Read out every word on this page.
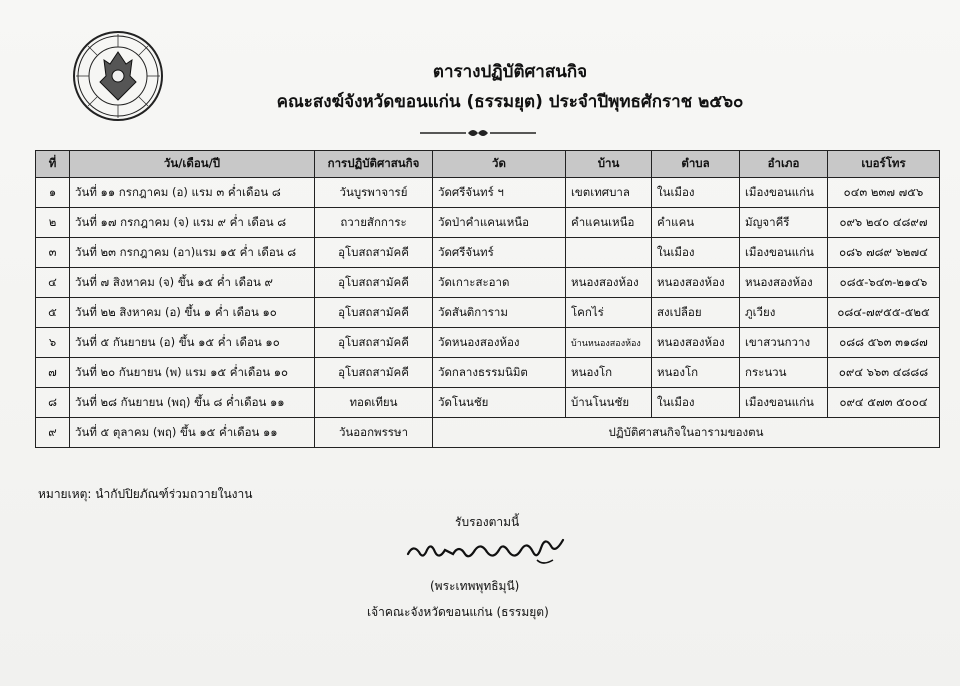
ตารางปฏิบัติศาสนกิจ
คณะสงฆ์จังหวัดขอนแก่น (ธรรมยุต) ประจำปีพุทธศักราช ๒๕๖๐
ที่	วัน/เดือน/ปี	การปฏิบัติศาสนกิจ	วัด	บ้าน	ตำบล	อำเภอ	เบอร์โทร
๑	วันที่ ๑๑ กรกฎาคม (อ) แรม ๓ ค่ำเดือน ๘	วันบูรพาจารย์	วัดศรีจันทร์ ฯ	เขตเทศบาล	ในเมือง	เมืองขอนแก่น	๐๔๓ ๒๓๗ ๗๕๖
๒	วันที่ ๑๗ กรกฎาคม (จ) แรม ๙ ค่ำ เดือน ๘	ถวายสักการะ	วัดป่าคำแคนเหนือ	คำแคนเหนือ	คำแคน	มัญจาคีรี	๐๙๖ ๒๔๐ ๔๘๙๗
๓	วันที่ ๒๓ กรกฎาคม (อา)แรม ๑๕ ค่ำ เดือน ๘	อุโบสถสามัคคี	วัดศรีจันทร์		ในเมือง	เมืองขอนแก่น	๐๘๖ ๗๘๙ ๖๒๗๔
๔	วันที่ ๗ สิงหาคม (จ) ขึ้น ๑๕ ค่ำ เดือน ๙	อุโบสถสามัคคี	วัดเกาะสะอาด	หนองสองห้อง	หนองสองห้อง	หนองสองห้อง	๐๘๕-๖๔๓-๒๑๔๖
๕	วันที่ ๒๒ สิงหาคม (อ) ขึ้น ๑ ค่ำ เดือน ๑๐	อุโบสถสามัคคี	วัดสันติการาม	โคกไร่	สงเปลือย	ภูเวียง	๐๘๔-๗๙๕๕-๕๒๕
๖	วันที่ ๕ กันยายน (อ) ขึ้น ๑๕ ค่ำ เดือน ๑๐	อุโบสถสามัคคี	วัดหนองสองห้อง	บ้านหนองสองห้อง	หนองสองห้อง	เขาสวนกวาง	๐๘๘ ๕๖๓ ๓๑๘๗
๗	วันที่ ๒๐ กันยายน (พ) แรม ๑๕ ค่ำเดือน ๑๐	อุโบสถสามัคคี	วัดกลางธรรมนิมิต	หนองโก	หนองโก	กระนวน	๐๙๔ ๖๖๓ ๔๘๘๘
๘	วันที่ ๒๘ กันยายน (พฤ) ขึ้น ๘ ค่ำเดือน ๑๑	ทอดเทียน	วัดโนนชัย	บ้านโนนชัย	ในเมือง	เมืองขอนแก่น	๐๙๔ ๕๗๓ ๕๐๐๔
๙	วันที่ ๕ ตุลาคม (พฤ) ขึ้น ๑๕ ค่ำเดือน ๑๑	วันออกพรรษา	ปฏิบัติศาสนกิจในอารามของตน				
หมายเหตุ: นำกัปปิยภัณฑ์ร่วมถวายในงาน
รับรองตามนี้
(พระเทพพุทธิมุนี)
เจ้าคณะจังหวัดขอนแก่น (ธรรมยุต)
